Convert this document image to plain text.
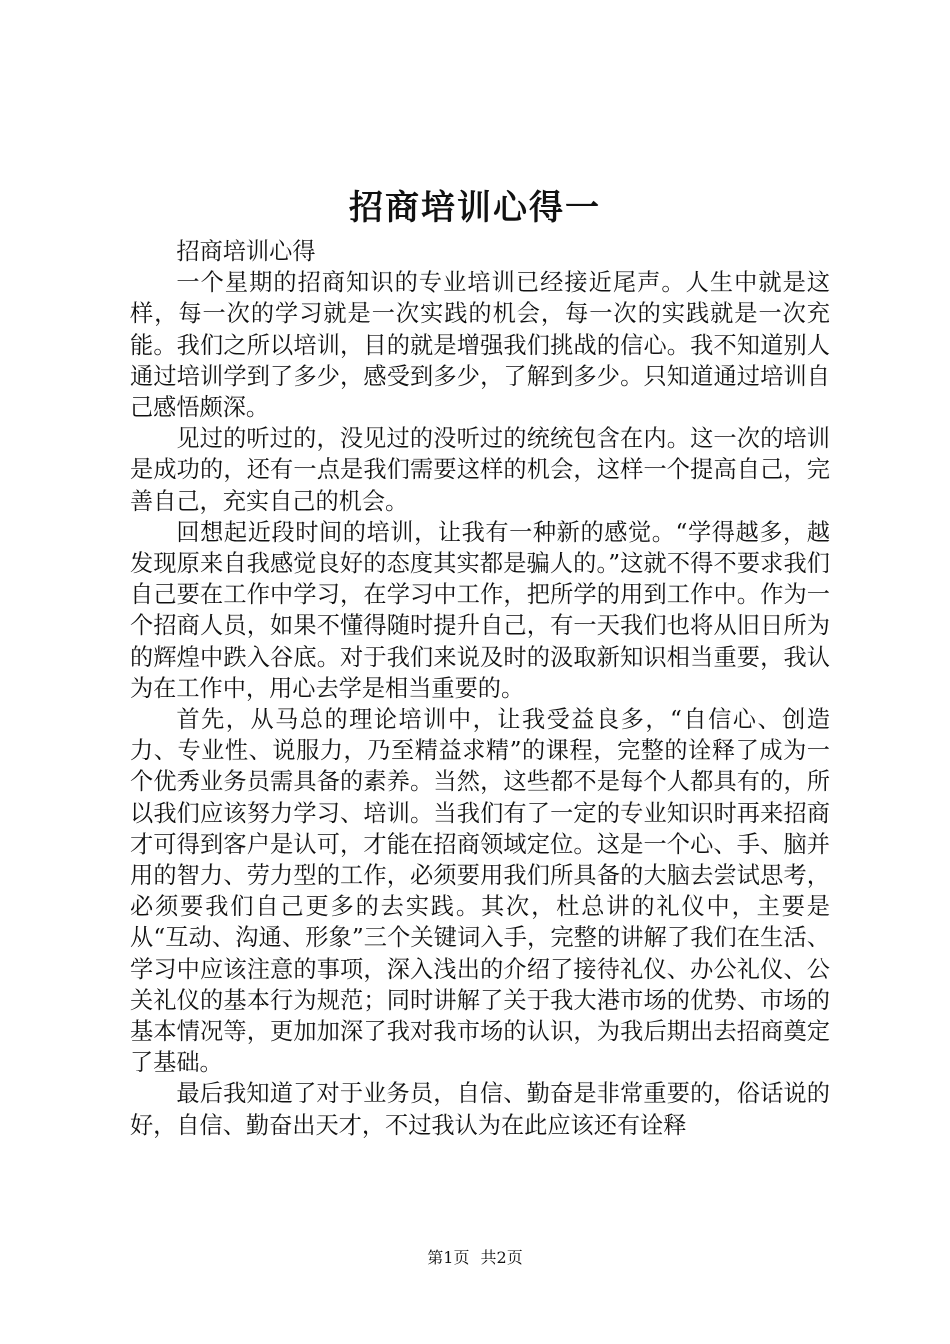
招商培训心得一

招商培训心得

一个星期的招商知识的专业培训已经接近尾声。人生中就是这样，每一次的学习就是一次实践的机会，每一次的实践就是一次充能。我们之所以培训，目的就是增强我们挑战的信心。我不知道别人通过培训学到了多少，感受到多少，了解到多少。只知道通过培训自己感悟颇深。

见过的听过的，没见过的没听过的统统包含在内。这一次的培训是成功的，还有一点是我们需要这样的机会，这样一个提高自己，完善自己，充实自己的机会。

回想起近段时间的培训，让我有一种新的感觉。“学得越多，越发现原来自我感觉良好的态度其实都是骗人的。”这就不得不要求我们自己要在工作中学习，在学习中工作，把所学的用到工作中。作为一个招商人员，如果不懂得随时提升自己，有一天我们也将从旧日所为的辉煌中跌入谷底。对于我们来说及时的汲取新知识相当重要，我认为在工作中，用心去学是相当重要的。

首先，从马总的理论培训中，让我受益良多，“自信心、创造力、专业性、说服力，乃至精益求精”的课程，完整的诠释了成为一个优秀业务员需具备的素养。当然，这些都不是每个人都具有的，所以我们应该努力学习、培训。当我们有了一定的专业知识时再来招商才可得到客户是认可，才能在招商领域定位。这是一个心、手、脑并用的智力、劳力型的工作，必须要用我们所具备的大脑去尝试思考，必须要我们自己更多的去实践。其次，杜总讲的礼仪中，主要是从“互动、沟通、形象”三个关键词入手，完整的讲解了我们在生活、学习中应该注意的事项，深入浅出的介绍了接待礼仪、办公礼仪、公关礼仪的基本行为规范；同时讲解了关于我大港市场的优势、市场的基本情况等，更加加深了我对我市场的认识，为我后期出去招商奠定了基础。

最后我知道了对于业务员，自信、勤奋是非常重要的，俗话说的好，自信、勤奋出天才，不过我认为在此应该还有诠释

第1页 共2页
